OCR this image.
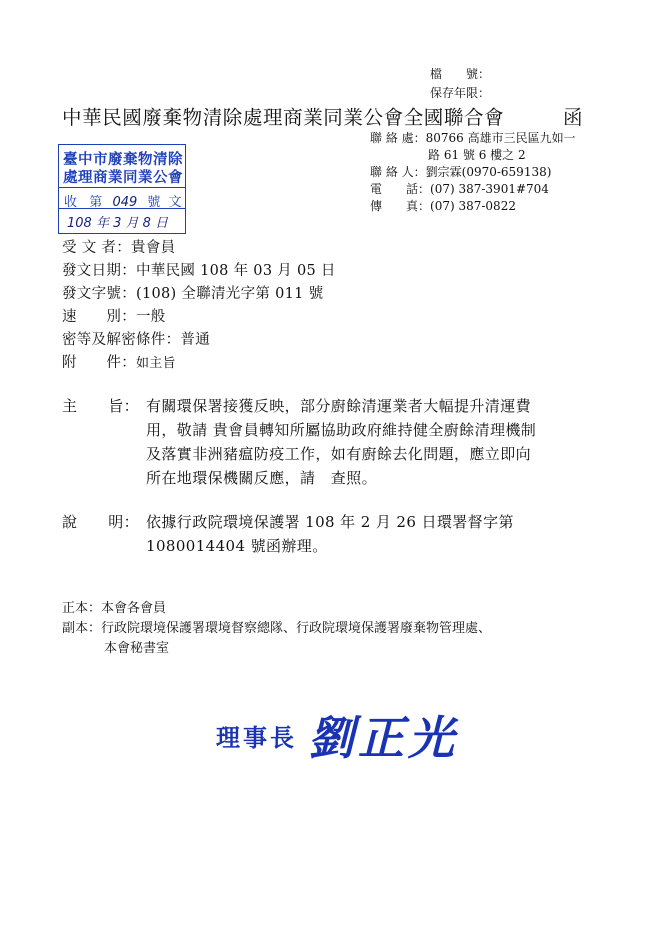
檔　　號：
保存年限：
中華民國廢棄物清除處理商業同業公會全國聯合會	函
聯 絡 處：80766 高雄市三民區九如一
路 61 號 6 樓之 2
聯 絡 人：劉宗霖(0970-659138)
電　　話：(07) 387-3901#704
傳　　真：(07) 387-0822
臺中市廢棄物清除
處理商業同業公會
收 第 049 號 文
108 年 3 月 8 日
受 文 者：貴會員
發文日期：中華民國 108 年 03 月 05 日
發文字號：(108) 全聯清光字第 011 號
速　　別：一般
密等及解密條件：普通
附　　件：如主旨
主　　旨： 有關環保署接獲反映，部分廚餘清運業者大幅提升清運費
用，敬請 貴會員轉知所屬協助政府維持健全廚餘清理機制
及落實非洲豬瘟防疫工作，如有廚餘去化問題，應立即向
所在地環保機關反應，請　查照。
說　　明： 依據行政院環境保護署 108 年 2 月 26 日環署督字第
1080014404 號函辦理。
正本：本會各會員
副本：行政院環境保護署環境督察總隊、行政院環境保護署廢棄物管理處、
本會秘書室
理事長 劉正光
